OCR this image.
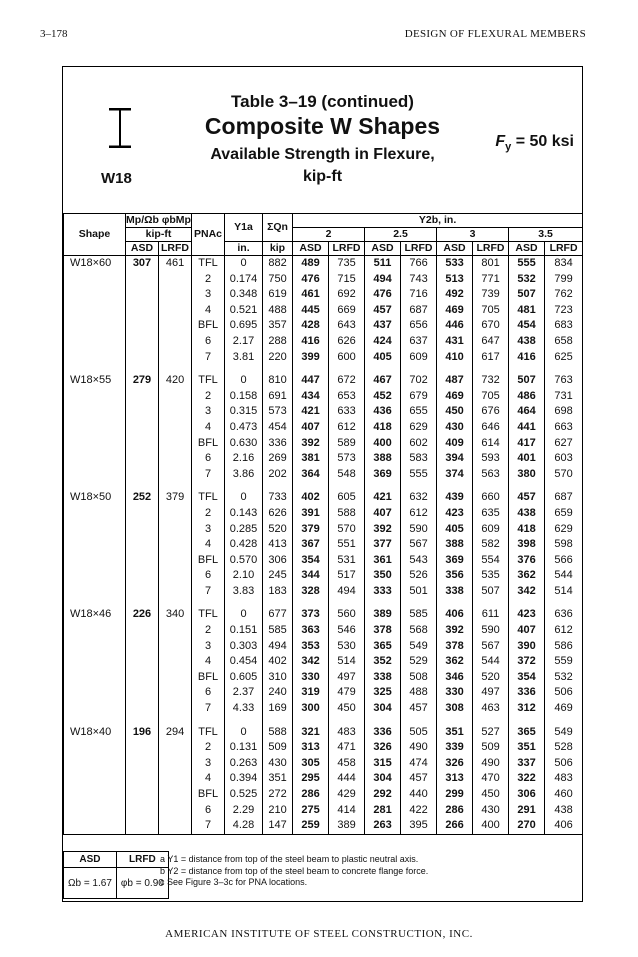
3–178	DESIGN OF FLEXURAL MEMBERS
W18
Table 3–19 (continued)
Composite W Shapes
Available Strength in Flexure,
kip-ft
$F_y = 50$ ksi
Shape	Mp/Ωb φbMp		PNAc	Y1a	ΣQn	Y2b, in.							
	kip-ft					2		2.5		3		3.5	
	ASD	LRFD		in.	kip	ASD	LRFD	ASD	LRFD	ASD	LRFD	ASD	LRFD
W18×60	307	461	TFL	0	882	489	735	511	766	533	801	555	834
			2	0.174	750	476	715	494	743	513	771	532	799
			3	0.348	619	461	692	476	716	492	739	507	762
			4	0.521	488	445	669	457	687	469	705	481	723
			BFL	0.695	357	428	643	437	656	446	670	454	683
			6	2.17	288	416	626	424	637	431	647	438	658
			7	3.81	220	399	600	405	609	410	617	416	625

W18×55	279	420	TFL	0	810	447	672	467	702	487	732	507	763
			2	0.158	691	434	653	452	679	469	705	486	731
			3	0.315	573	421	633	436	655	450	676	464	698
			4	0.473	454	407	612	418	629	430	646	441	663
			BFL	0.630	336	392	589	400	602	409	614	417	627
			6	2.16	269	381	573	388	583	394	593	401	603
			7	3.86	202	364	548	369	555	374	563	380	570

W18×50	252	379	TFL	0	733	402	605	421	632	439	660	457	687
			2	0.143	626	391	588	407	612	423	635	438	659
			3	0.285	520	379	570	392	590	405	609	418	629
			4	0.428	413	367	551	377	567	388	582	398	598
			BFL	0.570	306	354	531	361	543	369	554	376	566
			6	2.10	245	344	517	350	526	356	535	362	544
			7	3.83	183	328	494	333	501	338	507	342	514

W18×46	226	340	TFL	0	677	373	560	389	585	406	611	423	636
			2	0.151	585	363	546	378	568	392	590	407	612
			3	0.303	494	353	530	365	549	378	567	390	586
			4	0.454	402	342	514	352	529	362	544	372	559
			BFL	0.605	310	330	497	338	508	346	520	354	532
			6	2.37	240	319	479	325	488	330	497	336	506
			7	4.33	169	300	450	304	457	308	463	312	469

W18×40	196	294	TFL	0	588	321	483	336	505	351	527	365	549
			2	0.131	509	313	471	326	490	339	509	351	528
			3	0.263	430	305	458	315	474	326	490	337	506
			4	0.394	351	295	444	304	457	313	470	322	483
			BFL	0.525	272	286	429	292	440	299	450	306	460
			6	2.29	210	275	414	281	422	286	430	291	438
			7	4.28	147	259	389	263	395	266	400	270	406
ASD	LRFD
Ωb = 1.67	φb = 0.90
a Y1 = distance from top of the steel beam to plastic neutral axis.
b Y2 = distance from top of the steel beam to concrete flange force.
c See Figure 3–3c for PNA locations.
AMERICAN INSTITUTE OF STEEL CONSTRUCTION, INC.
